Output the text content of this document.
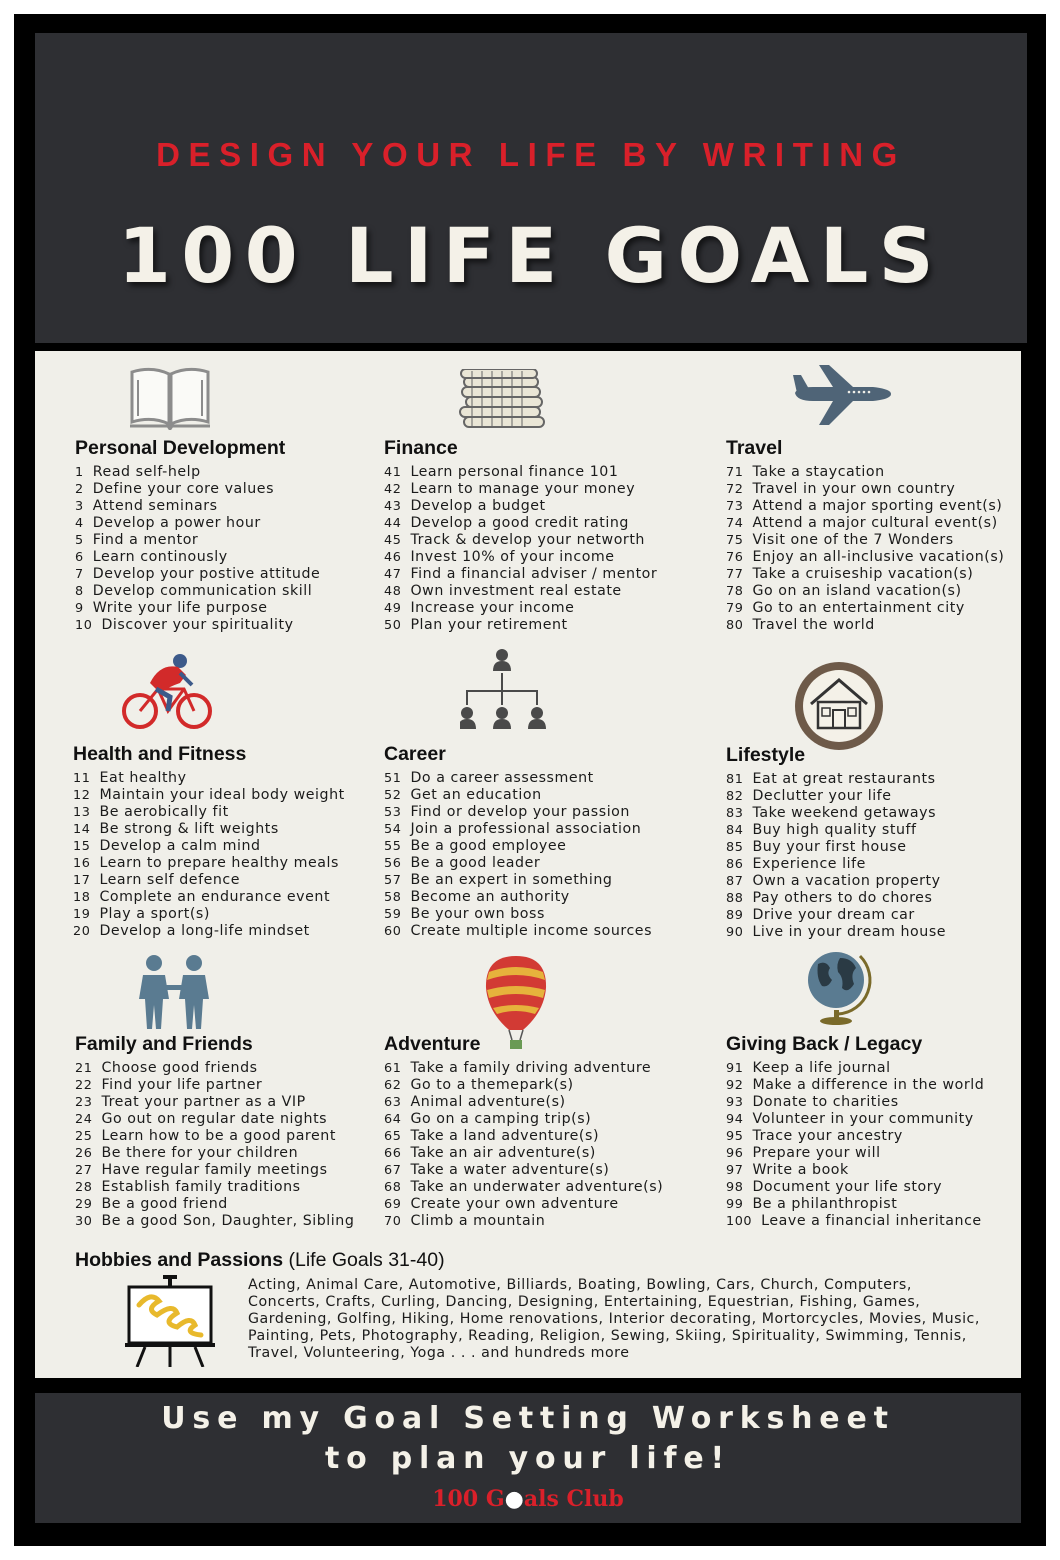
DESIGN YOUR LIFE BY WRITING
100 LIFE GOALS
Personal Development
1 Read self-help
2 Define your core values
3 Attend seminars
4 Develop a power hour
5 Find a mentor
6 Learn continously
7 Develop your postive attitude
8 Develop communication skill
9 Write your life purpose
10 Discover your spirituality
Finance
41 Learn personal finance 101
42 Learn to manage your money
43 Develop a budget
44 Develop a good credit rating
45 Track & develop your networth
46 Invest 10% of your income
47 Find a financial adviser / mentor
48 Own investment real estate
49 Increase your income
50 Plan your retirement
Travel
71 Take a staycation
72 Travel in your own country
73 Attend a major sporting event(s)
74 Attend a major cultural event(s)
75 Visit one of the 7 Wonders
76 Enjoy an all-inclusive vacation(s)
77 Take a cruiseship vacation(s)
78 Go on an island vacation(s)
79 Go to an entertainment city
80 Travel the world
Health and Fitness
11 Eat healthy
12 Maintain your ideal body weight
13 Be aerobically fit
14 Be strong & lift weights
15 Develop a calm mind
16 Learn to prepare healthy meals
17 Learn self defence
18 Complete an endurance event
19 Play a sport(s)
20 Develop a long-life mindset
Career
51 Do a career assessment
52 Get an education
53 Find or develop your passion
54 Join a professional association
55 Be a good employee
56 Be a good leader
57 Be an expert in something
58 Become an authority
59 Be your own boss
60 Create multiple income sources
Lifestyle
81 Eat at great restaurants
82 Declutter your life
83 Take weekend getaways
84 Buy high quality stuff
85 Buy your first house
86 Experience life
87 Own a vacation property
88 Pay others to do chores
89 Drive your dream car
90 Live in your dream house
Family and Friends
21 Choose good friends
22 Find your life partner
23 Treat your partner as a VIP
24 Go out on regular date nights
25 Learn how to be a good parent
26 Be there for your children
27 Have regular family meetings
28 Establish family traditions
29 Be a good friend
30 Be a good Son, Daughter, Sibling
Adventure
61 Take a family driving adventure
62 Go to a themepark(s)
63 Animal adventure(s)
64 Go on a camping trip(s)
65 Take a land adventure(s)
66 Take an air adventure(s)
67 Take a water adventure(s)
68 Take an underwater adventure(s)
69 Create your own adventure
70 Climb a mountain
Giving Back / Legacy
91 Keep a life journal
92 Make a difference in the world
93 Donate to charities
94 Volunteer in your community
95 Trace your ancestry
96 Prepare your will
97 Write a book
98 Document your life story
99 Be a philanthropist
100 Leave a financial inheritance
Hobbies and Passions (Life Goals 31-40)
Acting, Animal Care, Automotive, Billiards, Boating, Bowling, Cars, Church, Computers, Concerts, Crafts, Curling, Dancing, Designing, Entertaining, Equestrian, Fishing, Games, Gardening, Golfing, Hiking, Home renovations, Interior decorating, Mortorcycles, Movies, Music, Painting, Pets, Photography, Reading, Religion, Sewing, Skiing, Spirituality, Swimming, Tennis, Travel, Volunteering, Yoga . . . and hundreds more
Use my Goal Setting Worksheet
to plan your life!
100 G●als Club
